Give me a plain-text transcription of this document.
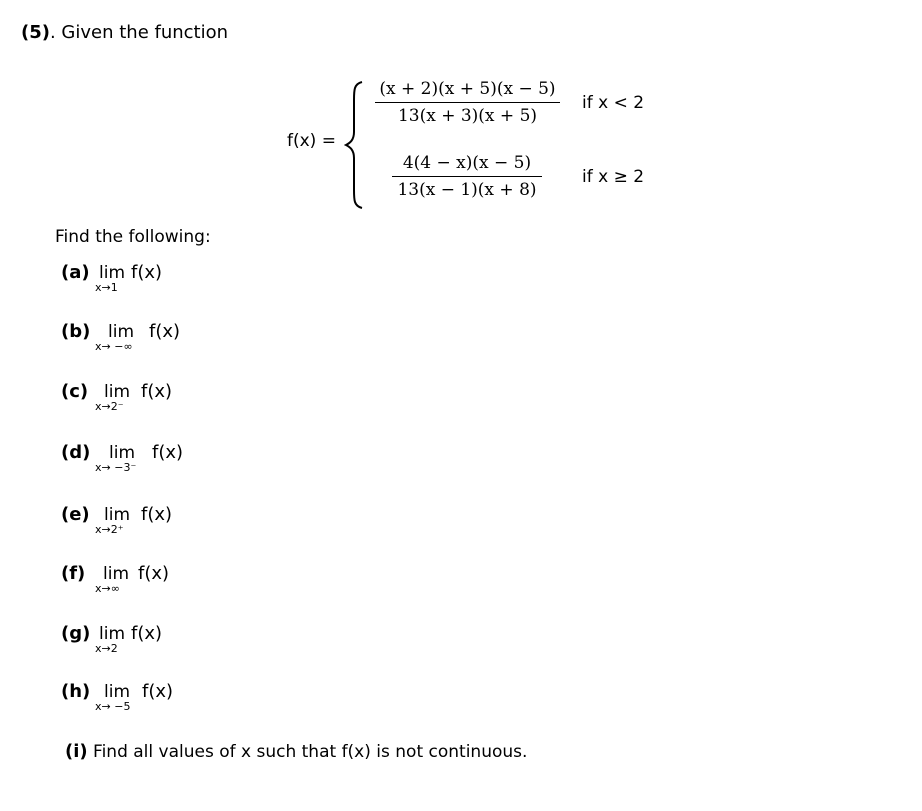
(5). Given the function
f(x) =
(x + 2)(x + 5)(x − 5)
13(x + 3)(x + 5)
if x < 2
4(4 − x)(x − 5)
13(x − 1)(x + 8)
if x ≥ 2
Find the following:
(a) lim
x→1
f(x)
(b) lim
x→ −∞
f(x)
(c) lim
x→2⁻
f(x)
(d) lim
x→ −3⁻
f(x)
(e) lim
x→2⁺
f(x)
(f) lim
x→∞
f(x)
(g) lim
x→2
f(x)
(h) lim
x→ −5
f(x)
(i) Find all values of x such that f(x) is not continuous.
